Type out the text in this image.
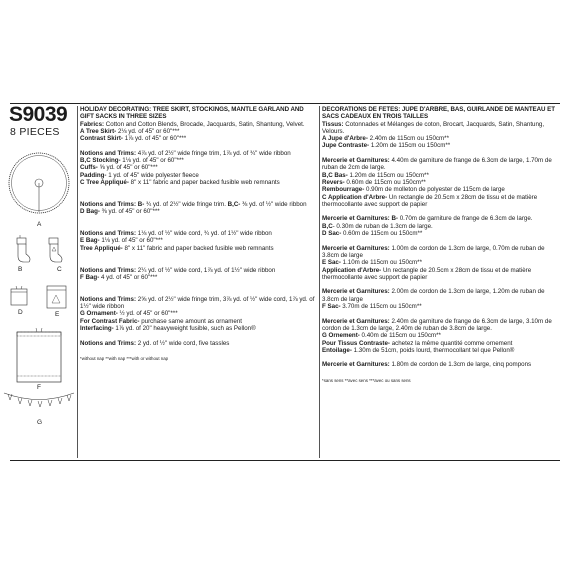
S9039
8 PIECES
A
B	C
D	E
F
G

HOLIDAY DECORATING: TREE SKIRT, STOCKINGS, MANTLE GARLAND AND GIFT SACKS IN THREE SIZES

Fabrics: Cotton and Cotton Blends, Brocade, Jacquards, Satin, Shantung, Velvet.

A Tree Skirt- 2⅛ yd. of 45" or 60"***

Contrast Skirt- 1⅞ yd. of 45" or 60"***

Notions and Trims: 4⅞ yd. of 2½" wide fringe trim, 1⅞ yd. of ¾" wide ribbon

B,C Stocking- 1⅛ yd. of 45" or 60"***

Cuffs- ⅝ yd. of 45" or 60"***

Padding- 1 yd. of 45" wide polyester fleece

C Tree Appliqué- 8" x 11" fabric and paper backed fusible web remnants

Notions and Trims: B- ¾ yd. of 2½" wide fringe trim. B,C- ⅜ yd. of ½" wide ribbon

D Bag- ⅜ yd. of 45" or 60"***

Notions and Trims: 1⅛ yd. of ½" wide cord, ¾ yd. of 1½" wide ribbon

E Bag- 1⅛ yd. of 45" or 60"***

Tree Appliqué- 8" x 11" fabric and paper backed fusible web remnants

Notions and Trims: 2¼ yd. of ½" wide cord, 1⅞ yd. of 1½" wide ribbon

F Bag- 4 yd. of 45" or 60"***

Notions and Trims: 2⅝ yd. of 2½" wide fringe trim, 3⅞ yd. of ½" wide cord, 1⅞ yd. of 1½" wide ribbon

G Ornament- ½ yd. of 45" or 60"***

For Contrast Fabric- purchase same amount as ornament

Interfacing- 1⅞ yd. of 20" heavyweight fusible, such as Pellon®

Notions and Trims: 2 yd. of ½" wide cord, five tassles

*without nap **with nap ***with or without nap

DECORATIONS DE FETES: JUPE D'ARBRE, BAS, GUIRLANDE DE MANTEAU ET SACS CADEAUX EN TROIS TAILLES

Tissus: Cotonnades et Mélanges de coton, Brocart, Jacquards, Satin, Shantung, Velours.

A Jupe d'Arbre- 2.40m de 115cm ou 150cm**

Jupe Contraste- 1.20m de 115cm ou 150cm**

Mercerie et Garnitures: 4.40m de garniture de frange de 6.3cm de large, 1.70m de ruban de 2cm de large.

B,C Bas- 1.20m de 115cm ou 150cm**

Revers- 0.60m de 115cm ou 150cm**

Rembourrage- 0.90m de molleton de polyester de 115cm de large

C Application d'Arbre- Un rectangle de 20.5cm x 28cm de tissu et de matière thermocollante avec support de papier

Mercerie et Garnitures: B- 0.70m de garniture de frange de 6.3cm de large.

B,C- 0.30m de ruban de 1.3cm de large.

D Sac- 0.60m de 115cm ou 150cm**

Mercerie et Garnitures: 1.00m de cordon de 1.3cm de large, 0.70m de ruban de 3.8cm de large

E Sac- 1.10m de 115cm ou 150cm**

Application d'Arbre- Un rectangle de 20.5cm x 28cm de tissu et de matière thermocollante avec support de papier

Mercerie et Garnitures: 2.00m de cordon de 1.3cm de large, 1.20m de ruban de 3.8cm de large

F Sac- 3.70m de 115cm ou 150cm**

Mercerie et Garnitures: 2.40m de garniture de frange de 6.3cm de large, 3.10m de cordon de 1.3cm de large, 2.40m de ruban de 3.8cm de large.

G Ornement- 0.40m de 115cm ou 150cm**

Pour Tissus Contraste- achetez la même quantité comme ornement

Entoilage- 1.30m de 51cm, poids lourd, thermocollant tel que Pellon®

Mercerie et Garnitures: 1.80m de cordon de 1.3cm de large, cinq pompons

*sans sens **avec sens ***avec ou sans sens
